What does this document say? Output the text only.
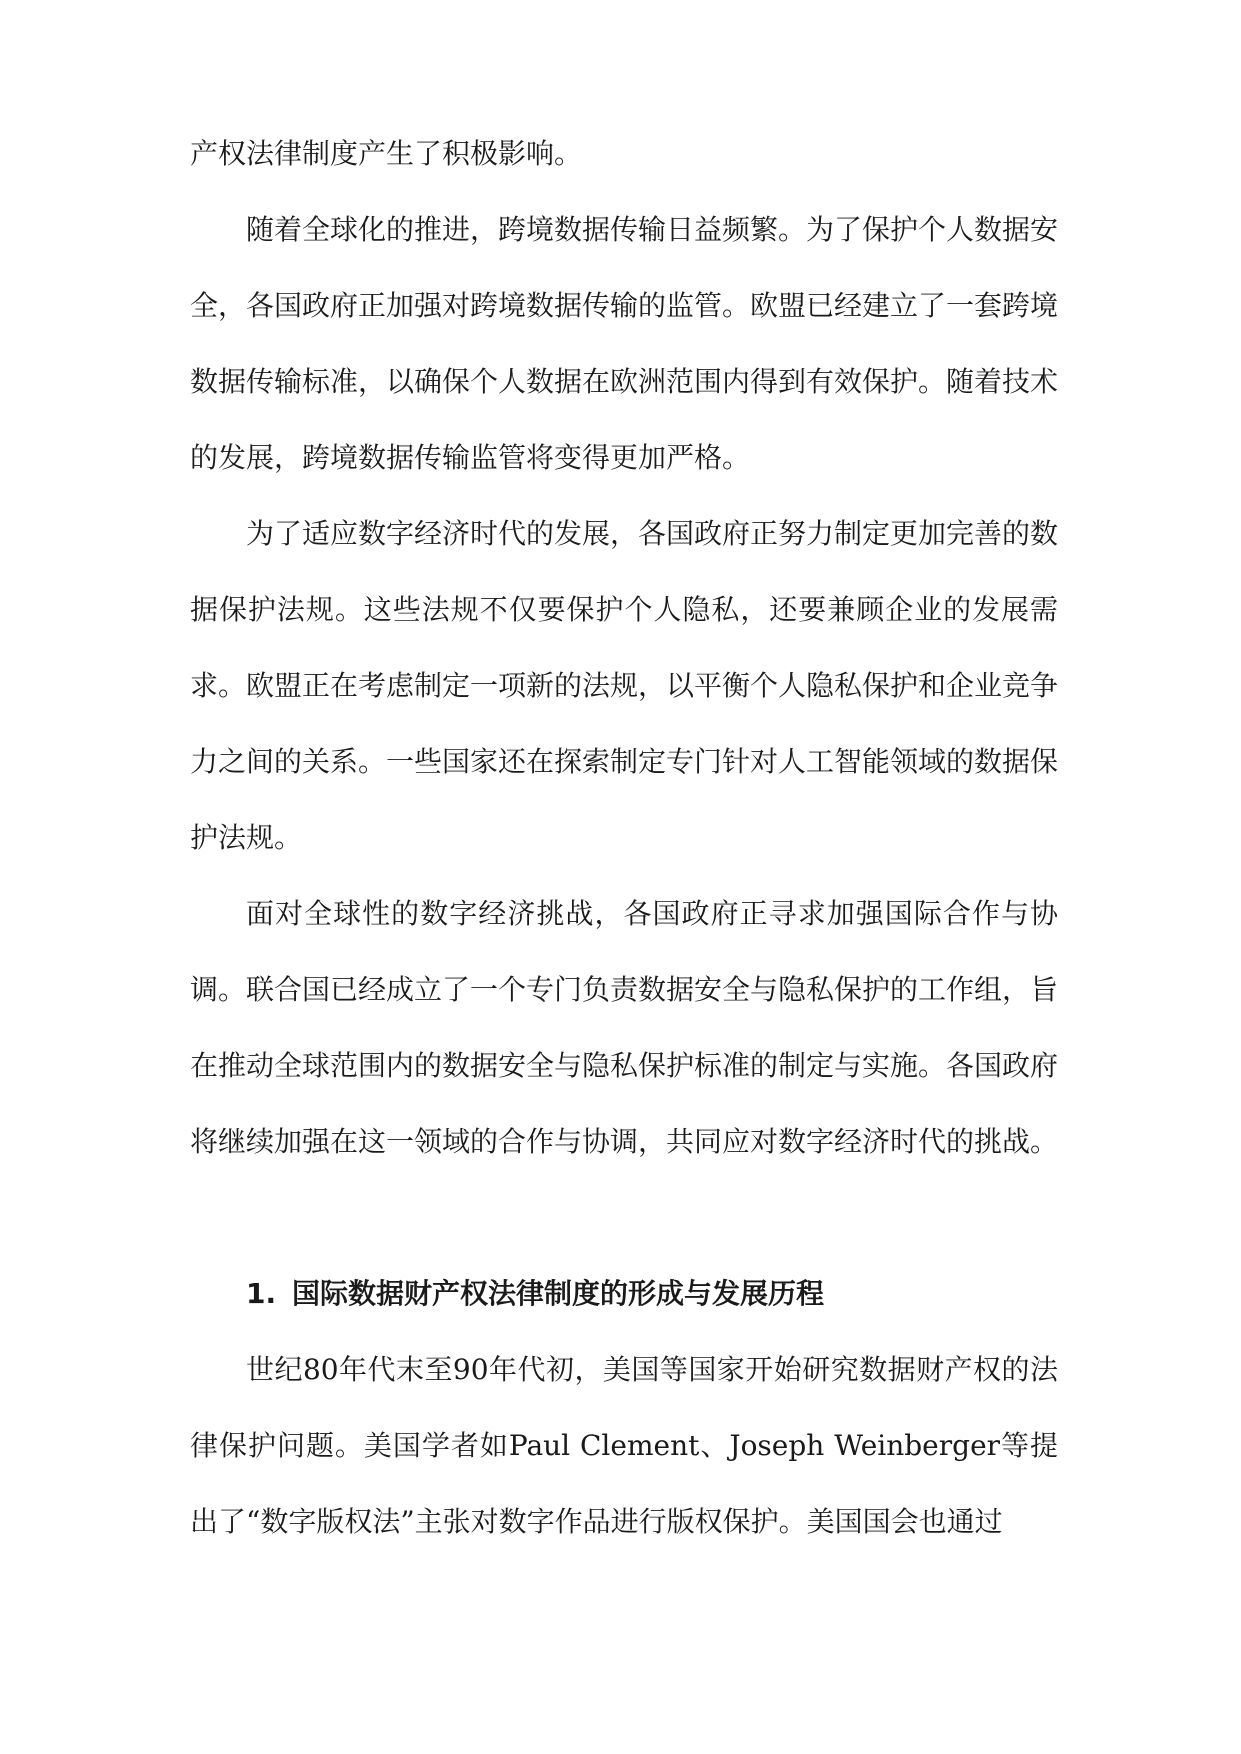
产权法律制度产生了积极影响。

随着全球化的推进，跨境数据传输日益频繁。为了保护个人数据安全，各国政府正加强对跨境数据传输的监管。欧盟已经建立了一套跨境数据传输标准，以确保个人数据在欧洲范围内得到有效保护。随着技术的发展，跨境数据传输监管将变得更加严格。

为了适应数字经济时代的发展，各国政府正努力制定更加完善的数据保护法规。这些法规不仅要保护个人隐私，还要兼顾企业的发展需求。欧盟正在考虑制定一项新的法规，以平衡个人隐私保护和企业竞争力之间的关系。一些国家还在探索制定专门针对人工智能领域的数据保护法规。

面对全球性的数字经济挑战，各国政府正寻求加强国际合作与协调。联合国已经成立了一个专门负责数据安全与隐私保护的工作组，旨在推动全球范围内的数据安全与隐私保护标准的制定与实施。各国政府将继续加强在这一领域的合作与协调，共同应对数字经济时代的挑战。

1. 国际数据财产权法律制度的形成与发展历程

世纪80年代末至90年代初，美国等国家开始研究数据财产权的法律保护问题。美国学者如Paul Clement、Joseph Weinberger等提出了“数字版权法”主张对数字作品进行版权保护。美国国会也通过
